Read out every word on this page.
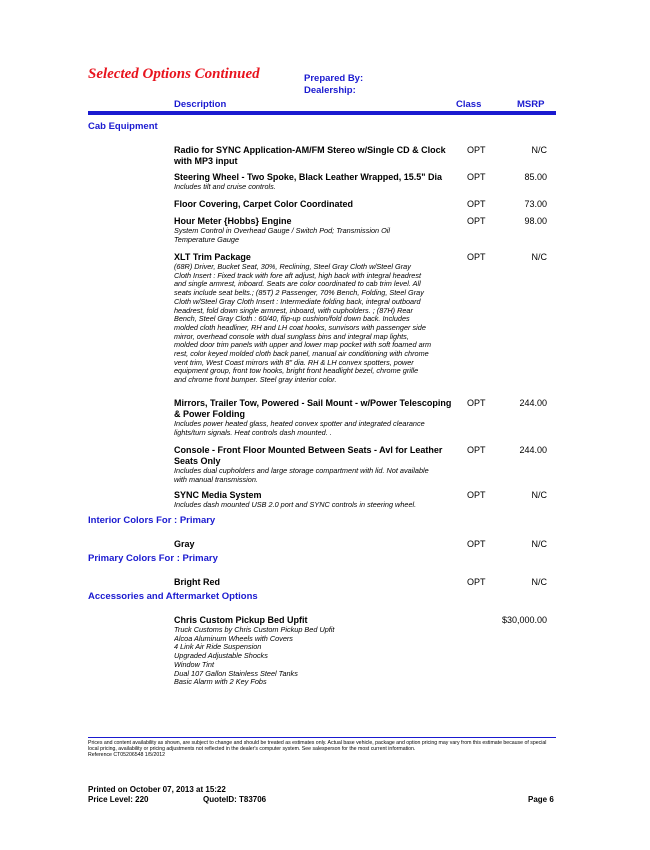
Selected Options Continued	Prepared By:
Dealership:
Description	Class	MSRP
Cab Equipment
Radio for SYNC Application-AM/FM Stereo w/Single CD & Clock with MP3 input
OPT	N/C
Steering Wheel - Two Spoke, Black Leather Wrapped, 15.5" Dia
Includes tilt and cruise controls.
OPT	85.00
Floor Covering, Carpet Color Coordinated	OPT	73.00
Hour Meter {Hobbs} Engine
System Control in Overhead Gauge / Switch Pod; Transmission Oil
Temperature Gauge
OPT	98.00
XLT Trim Package
(68R) Driver, Bucket Seat, 30%, Reclining, Steel Gray Cloth w/Steel Gray
Cloth Insert : Fixed track with fore aft adjust, high back with integral headrest
and single armrest, inboard. Seats are color coordinated to cab trim level. All
seats include seat belts.; (85T) 2 Passenger, 70% Bench, Folding, Steel Gray
Cloth w/Steel Gray Cloth Insert : Intermediate folding back, integral outboard
headrest, fold down single armrest, inboard, with cupholders. ; (87H) Rear
Bench, Steel Gray Cloth : 60/40, flip-up cushion/fold down back. Includes
molded cloth headliner, RH and LH coat hooks, sunvisors with passenger side
mirror, overhead console with dual sunglass bins and integral map lights,
molded door trim panels with upper and lower map pocket with soft foamed arm
rest, color keyed molded cloth back panel, manual air conditioning with chrome
vent trim, West Coast mirrors with 8" dia. RH & LH convex spotters, power
equipment group, front tow hooks, bright front headlight bezel, chrome grille
and chrome front bumper. Steel gray interior color.
OPT	N/C
Mirrors, Trailer Tow, Powered - Sail Mount - w/Power Telescoping & Power Folding
Includes power heated glass, heated convex spotter and integrated clearance
lights/turn signals. Heat controls dash mounted. .
OPT	244.00
Console - Front Floor Mounted Between Seats - Avl for Leather Seats Only
Includes dual cupholders and large storage compartment with lid. Not available
with manual transmission.
OPT	244.00
SYNC Media System
Includes dash mounted USB 2.0 port and SYNC controls in steering wheel.
OPT	N/C
Interior Colors For : Primary
Gray	OPT	N/C
Primary Colors For : Primary
Bright Red	OPT	N/C
Accessories and Aftermarket Options
Chris Custom Pickup Bed Upfit
Truck Customs by Chris Custom Pickup Bed Upfit
Alcoa Aluminum Wheels with Covers
4 Link Air Ride Suspension
Upgraded Adjustable Shocks
Window Tint
Dual 107 Gallon Stainless Steel Tanks
Basic Alarm with 2 Key Fobs
$30,000.00
Prices and content availability as shown, are subject to change and should be treated as estimates only. Actual base vehicle, package and option pricing may vary from this estimate because of special local pricing, availability or pricing adjustments not reflected in the dealer's computer system. See salesperson for the most current information.
Reference CT05206548 1/5/2012
Printed on October 07, 2013 at 15:22
Price Level: 220	QuoteID: T83706	Page 6
